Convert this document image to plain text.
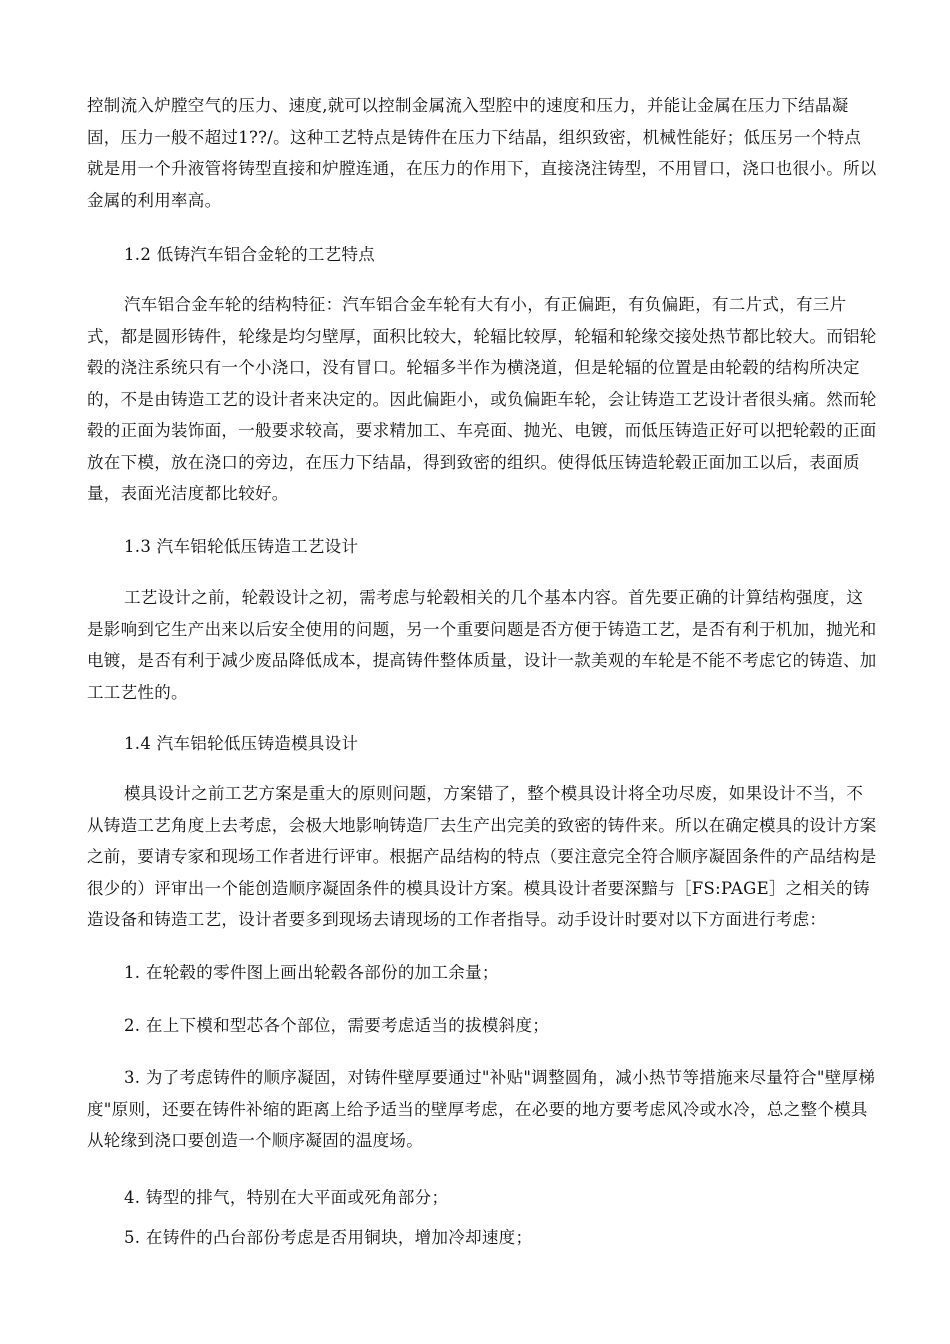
控制流入炉膛空气的压力、速度,就可以控制金属流入型腔中的速度和压力，并能让金属在压力下结晶凝固，压力一般不超过1??/。这种工艺特点是铸件在压力下结晶，组织致密，机械性能好；低压另一个特点就是用一个升液管将铸型直接和炉膛连通，在压力的作用下，直接浇注铸型，不用冒口，浇口也很小。所以金属的利用率高。

1.2 低铸汽车铝合金轮的工艺特点

汽车铝合金车轮的结构特征：汽车铝合金车轮有大有小，有正偏距，有负偏距，有二片式，有三片式，都是圆形铸件，轮缘是均匀壁厚，面积比较大，轮辐比较厚，轮辐和轮缘交接处热节都比较大。而铝轮毂的浇注系统只有一个小浇口，没有冒口。轮辐多半作为横浇道，但是轮辐的位置是由轮毂的结构所决定的，不是由铸造工艺的设计者来决定的。因此偏距小，或负偏距车轮，会让铸造工艺设计者很头痛。然而轮毂的正面为装饰面，一般要求较高，要求精加工、车亮面、抛光、电镀，而低压铸造正好可以把轮毂的正面放在下模，放在浇口的旁边，在压力下结晶，得到致密的组织。使得低压铸造轮毂正面加工以后，表面质量，表面光洁度都比较好。

1.3 汽车铝轮低压铸造工艺设计

工艺设计之前，轮毂设计之初，需考虑与轮毂相关的几个基本内容。首先要正确的计算结构强度，这是影响到它生产出来以后安全使用的问题，另一个重要问题是否方便于铸造工艺，是否有利于机加，抛光和电镀，是否有利于减少废品降低成本，提高铸件整体质量，设计一款美观的车轮是不能不考虑它的铸造、加工工艺性的。

1.4 汽车铝轮低压铸造模具设计

模具设计之前工艺方案是重大的原则问题，方案错了，整个模具设计将全功尽废，如果设计不当，不从铸造工艺角度上去考虑，会极大地影响铸造厂去生产出完美的致密的铸件来。所以在确定模具的设计方案之前，要请专家和现场工作者进行评审。根据产品结构的特点（要注意完全符合顺序凝固条件的产品结构是很少的）评审出一个能创造顺序凝固条件的模具设计方案。模具设计者要深黯与［FS:PAGE］之相关的铸造设备和铸造工艺，设计者要多到现场去请现场的工作者指导。动手设计时要对以下方面进行考虑：

1. 在轮毂的零件图上画出轮毂各部份的加工余量；

2. 在上下模和型芯各个部位，需要考虑适当的拔模斜度；

3. 为了考虑铸件的顺序凝固，对铸件壁厚要通过"补贴"调整圆角，减小热节等措施来尽量符合"壁厚梯度"原则，还要在铸件补缩的距离上给予适当的壁厚考虑，在必要的地方要考虑风冷或水冷，总之整个模具从轮缘到浇口要创造一个顺序凝固的温度场。

4. 铸型的排气，特别在大平面或死角部分；

5. 在铸件的凸台部份考虑是否用铜块，增加冷却速度；
